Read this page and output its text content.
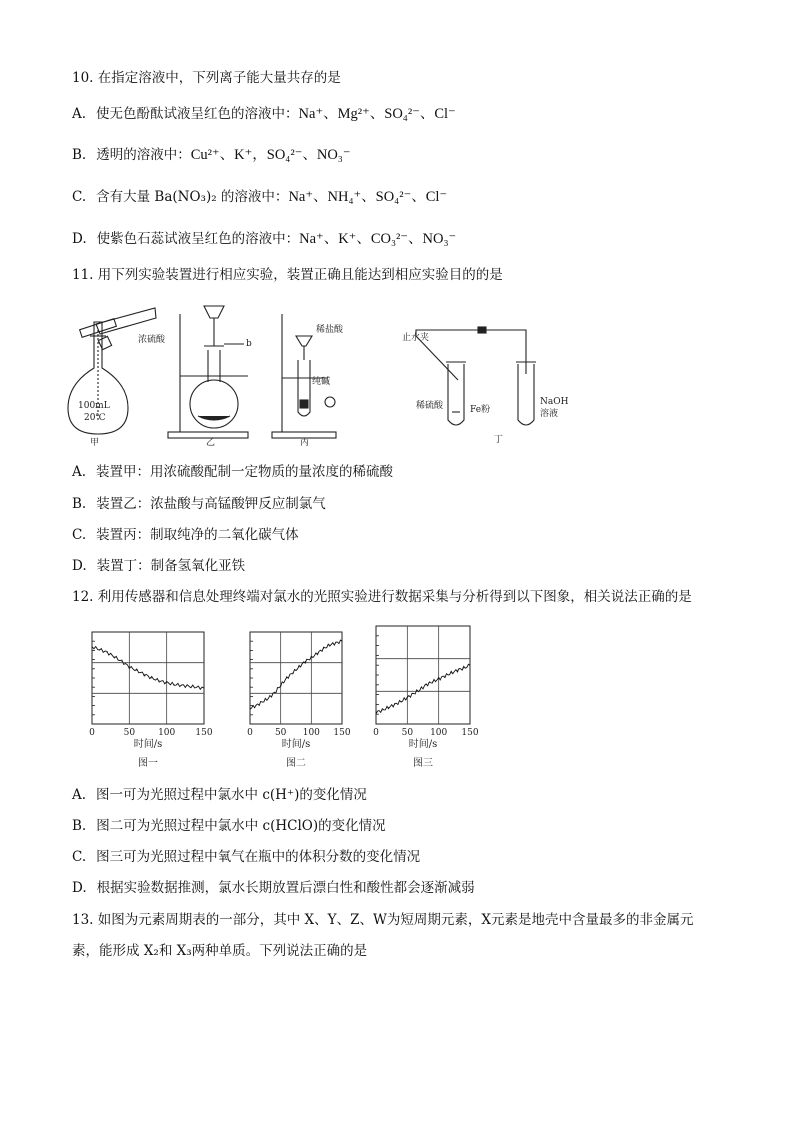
10. 在指定溶液中，下列离子能大量共存的是
A. 使无色酚酞试液呈红色的溶液中：Na⁺、Mg²⁺、SO₄²⁻、Cl⁻
B. 透明的溶液中：Cu²⁺、K⁺，SO₄²⁻、NO₃⁻
C. 含有大量 Ba(NO₃)₂ 的溶液中：Na⁺、NH₄⁺、SO₄²⁻、Cl⁻
D. 使紫色石蕊试液呈红色的溶液中：Na⁺、K⁺、CO₃²⁻、NO₃⁻
11. 用下列实验装置进行相应实验，装置正确且能达到相应实验目的的是
浓硫酸
100mL
20℃
甲
b
乙
稀盐酸
纯碱
丙
止水夹
稀硫酸	Fe粉
NaOH
溶液
丁
A. 装置甲：用浓硫酸配制一定物质的量浓度的稀硫酸
B. 装置乙：浓盐酸与高锰酸钾反应制氯气
C. 装置丙：制取纯净的二氧化碳气体
D. 装置丁：制备氢氧化亚铁
12. 利用传感器和信息处理终端对氯水的光照实验进行数据采集与分析得到以下图象，相关说法正确的是
0	50	100 150
时间/s
图一
0 50 100 150
时间/s
图二
0	50 100 150
时间/s
图三
A. 图一可为光照过程中氯水中 c(H⁺)的变化情况
B. 图二可为光照过程中氯水中 c(HClO)的变化情况
C. 图三可为光照过程中氧气在瓶中的体积分数的变化情况
D. 根据实验数据推测，氯水长期放置后漂白性和酸性都会逐渐减弱
13. 如图为元素周期表的一部分，其中 X、Y、Z、W为短周期元素，X元素是地壳中含量最多的非金属元
素，能形成 X₂和 X₃两种单质。下列说法正确的是
